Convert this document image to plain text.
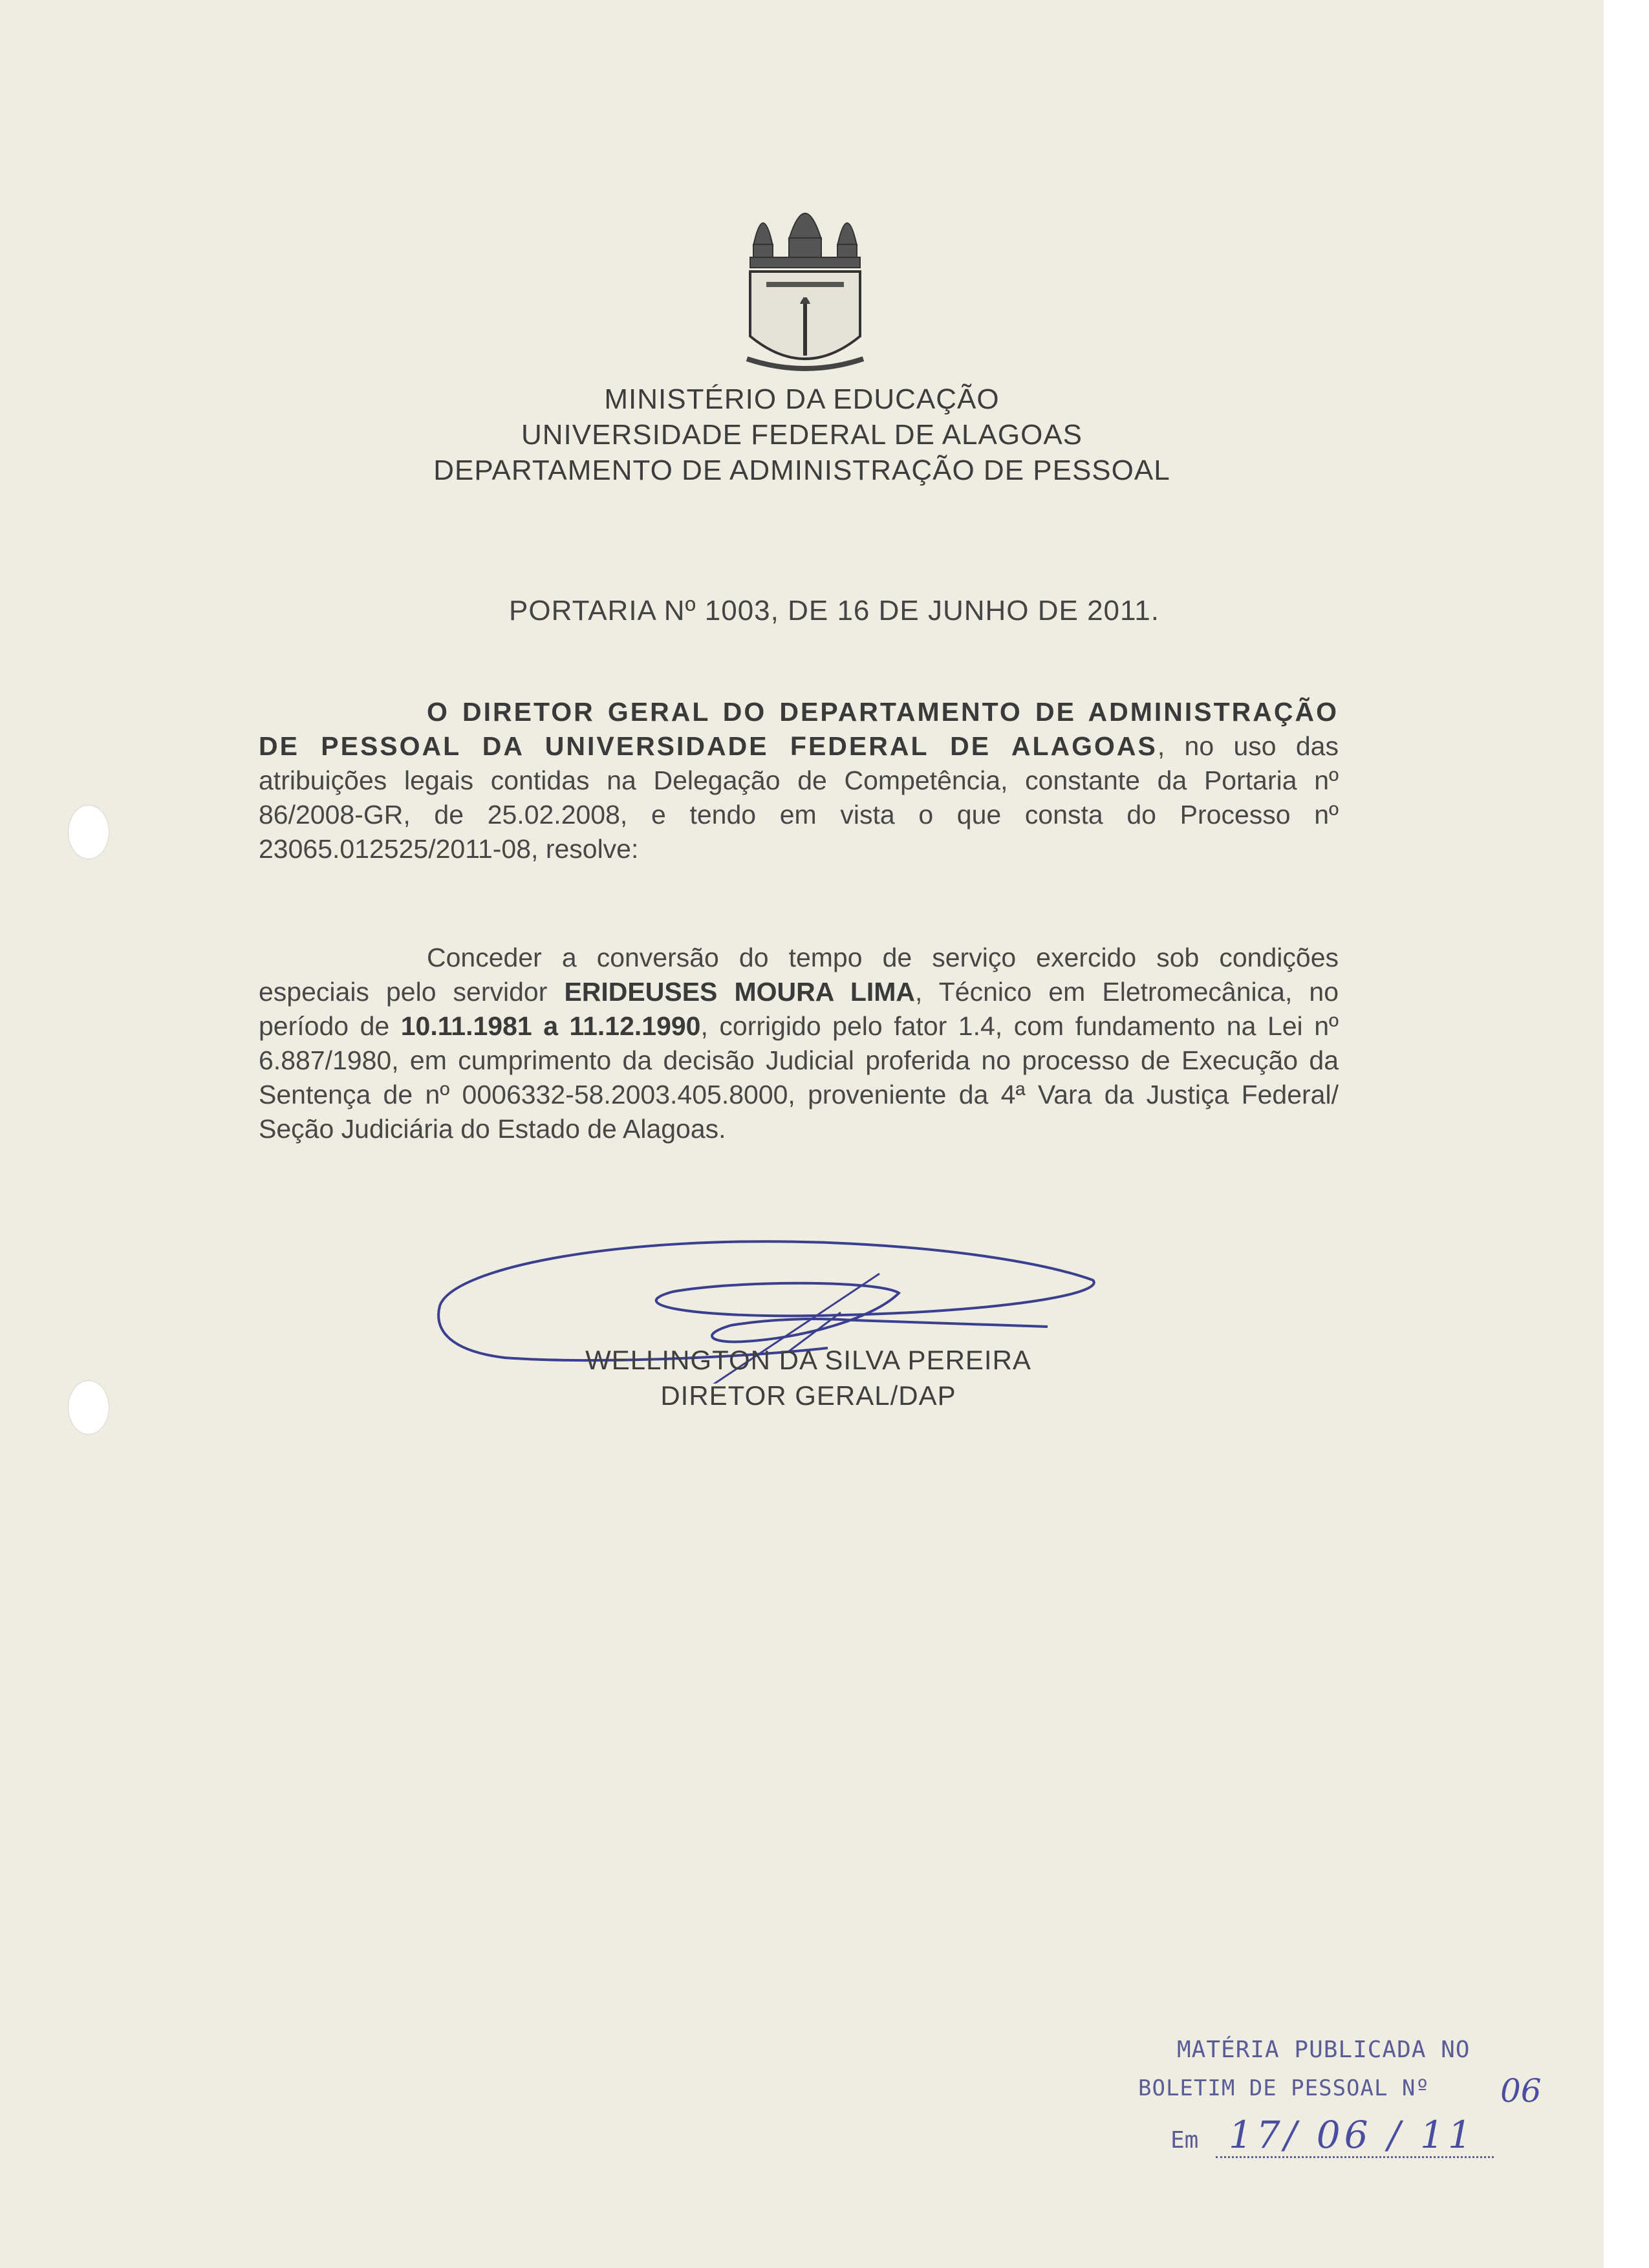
MINISTÉRIO DA EDUCAÇÃO
UNIVERSIDADE FEDERAL DE ALAGOAS
DEPARTAMENTO DE ADMINISTRAÇÃO DE PESSOAL
PORTARIA Nº 1003, DE 16 DE JUNHO DE 2011.
O DIRETOR GERAL DO DEPARTAMENTO DE ADMINISTRAÇÃO DE PESSOAL DA UNIVERSIDADE FEDERAL DE ALAGOAS, no uso das atribuições legais contidas na Delegação de Competência, constante da Portaria nº 86/2008-GR, de 25.02.2008, e tendo em vista o que consta do Processo nº 23065.012525/2011-08, resolve:
Conceder a conversão do tempo de serviço exercido sob condições especiais pelo servidor ERIDEUSES MOURA LIMA, Técnico em Eletromecânica, no período de 10.11.1981 a 11.12.1990, corrigido pelo fator 1.4, com fundamento na Lei nº 6.887/1980, em cumprimento da decisão Judicial proferida no processo de Execução da Sentença de nº 0006332-58.2003.405.8000, proveniente da 4ª Vara da Justiça Federal/ Seção Judiciária do Estado de Alagoas.
WELLINGTON DA SILVA PEREIRA
DIRETOR GERAL/DAP
MATÉRIA PUBLICADA NO
BOLETIM DE PESSOAL Nº 06
Em 17/ 06 / 11
